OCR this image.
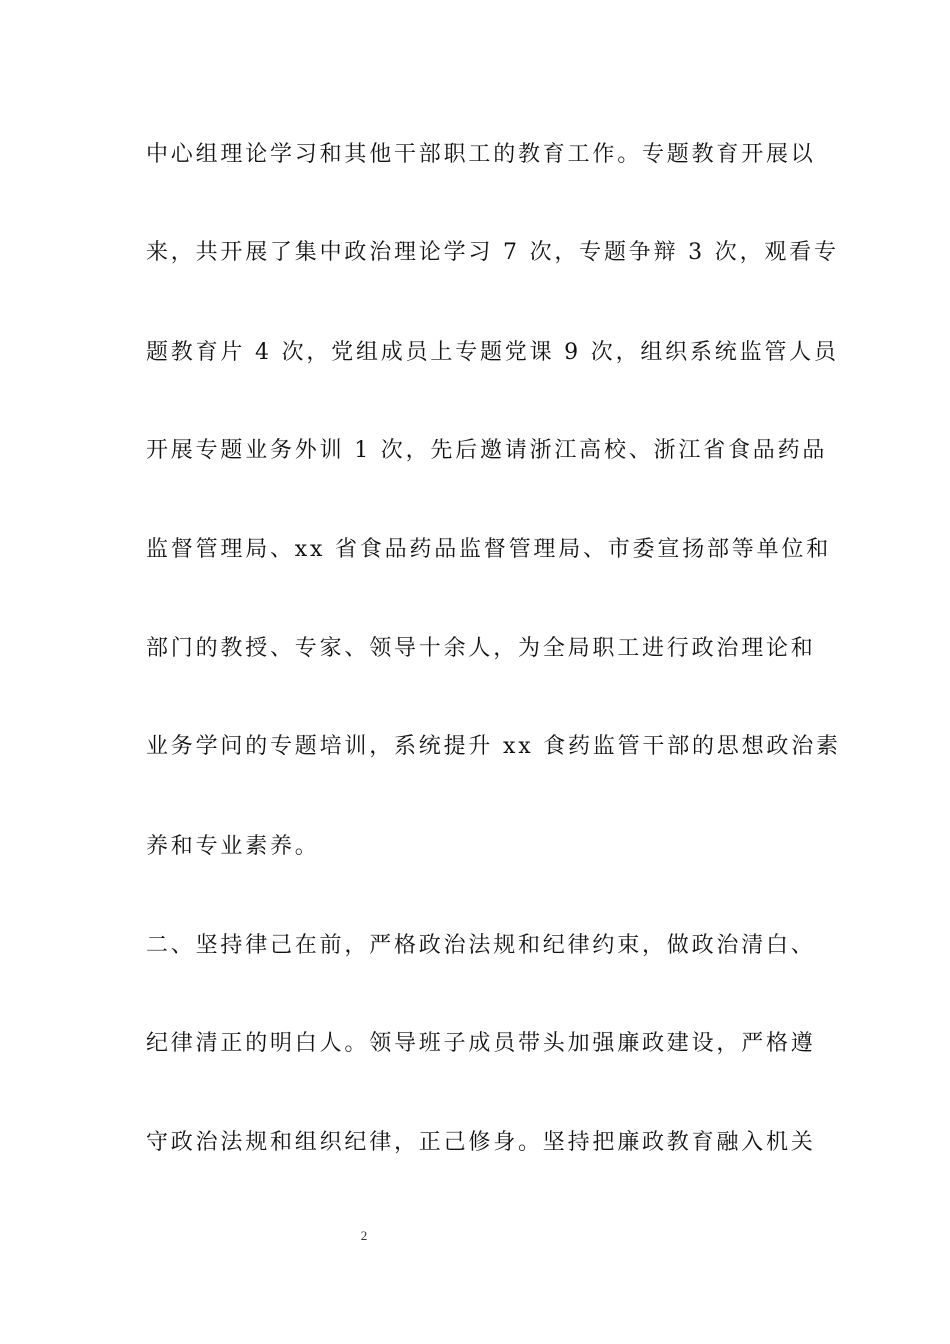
中心组理论学习和其他干部职工的教育工作。专题教育开展以
来，共开展了集中政治理论学习 7 次，专题争辩 3 次，观看专
题教育片 4 次，党组成员上专题党课 9 次，组织系统监管人员
开展专题业务外训 1 次，先后邀请浙江高校、浙江省食品药品
监督管理局、xx 省食品药品监督管理局、市委宣扬部等单位和
部门的教授、专家、领导十余人，为全局职工进行政治理论和
业务学问的专题培训，系统提升 xx 食药监管干部的思想政治素
养和专业素养。
二、坚持律己在前，严格政治法规和纪律约束，做政治清白、
纪律清正的明白人。领导班子成员带头加强廉政建设，严格遵
守政治法规和组织纪律，正己修身。坚持把廉政教育融入机关
2
